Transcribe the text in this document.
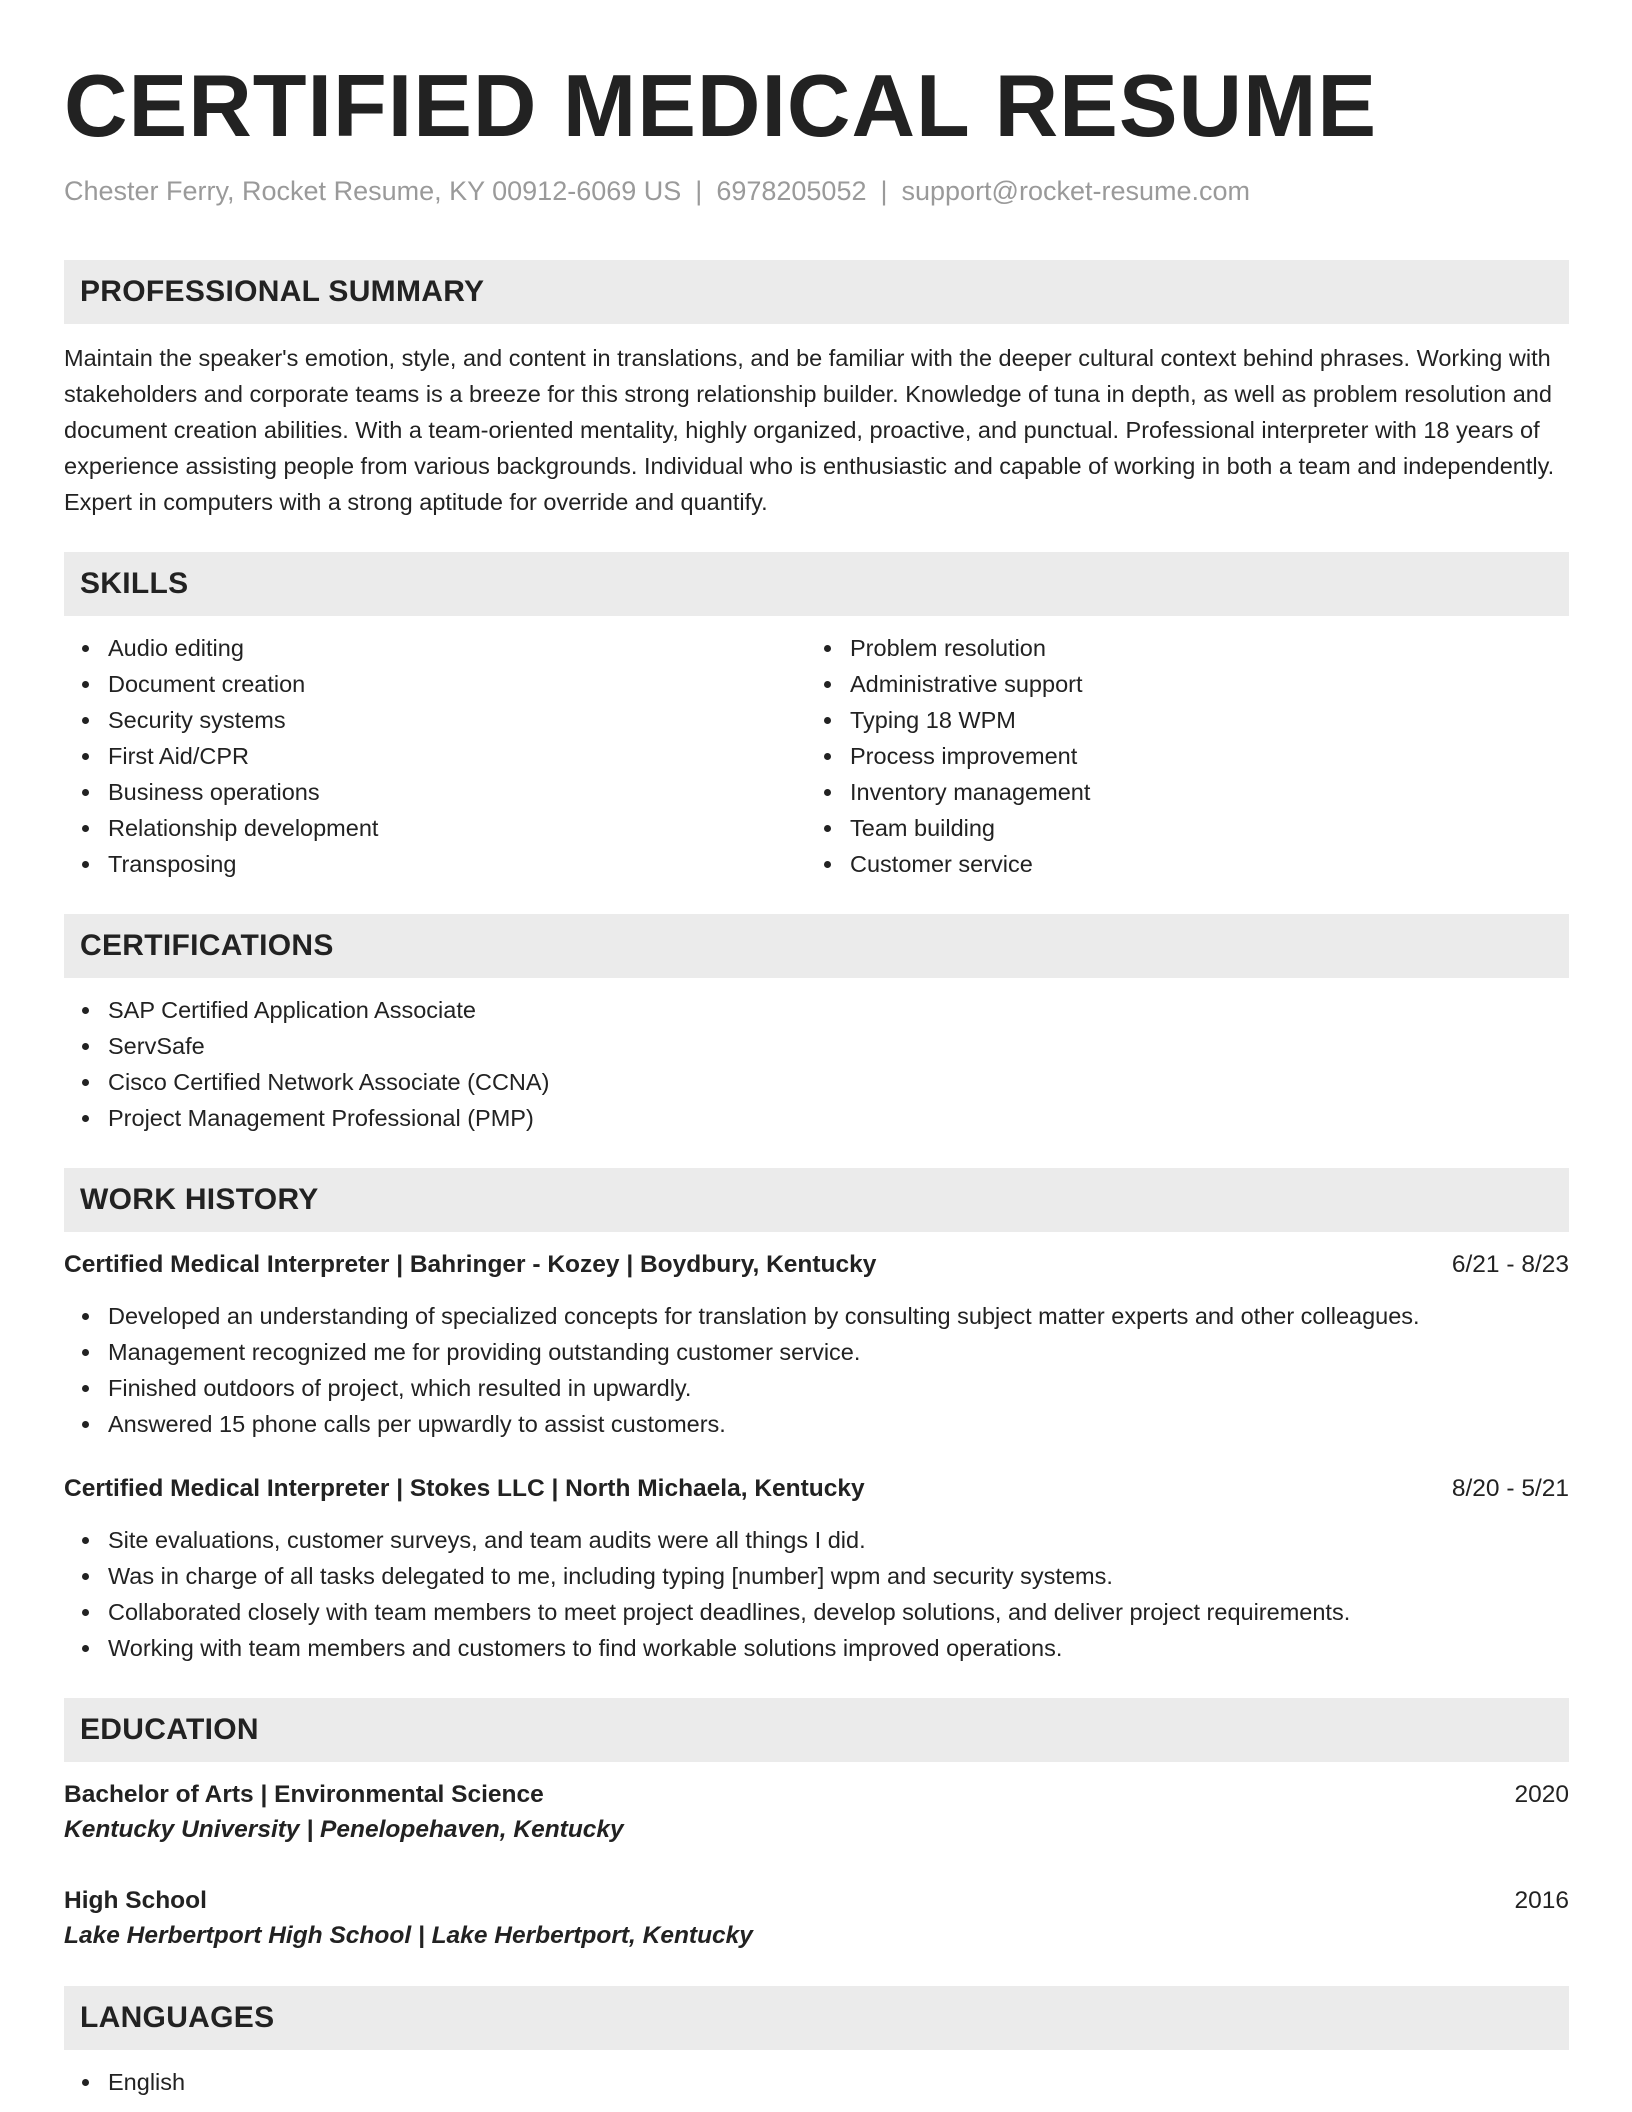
CERTIFIED MEDICAL RESUME
Chester Ferry, Rocket Resume, KY 00912-6069 US | 6978205052 | support@rocket-resume.com
PROFESSIONAL SUMMARY

Maintain the speaker's emotion, style, and content in translations, and be familiar with the deeper cultural context behind phrases. Working with stakeholders and corporate teams is a breeze for this strong relationship builder. Knowledge of tuna in depth, as well as problem resolution and document creation abilities. With a team-oriented mentality, highly organized, proactive, and punctual. Professional interpreter with 18 years of experience assisting people from various backgrounds. Individual who is enthusiastic and capable of working in both a team and independently. Expert in computers with a strong aptitude for override and quantify.

SKILLS
Audio editing
Document creation
Security systems
First Aid/CPR
Business operations
Relationship development
Transposing
Problem resolution
Administrative support
Typing 18 WPM
Process improvement
Inventory management
Team building
Customer service
CERTIFICATIONS
SAP Certified Application Associate
ServSafe
Cisco Certified Network Associate (CCNA)
Project Management Professional (PMP)
WORK HISTORY
Certified Medical Interpreter | Bahringer - Kozey | Boydbury, Kentucky	6/21 - 8/23
Developed an understanding of specialized concepts for translation by consulting subject matter experts and other colleagues.
Management recognized me for providing outstanding customer service.
Finished outdoors of project, which resulted in upwardly.
Answered 15 phone calls per upwardly to assist customers.
Certified Medical Interpreter | Stokes LLC | North Michaela, Kentucky	8/20 - 5/21
Site evaluations, customer surveys, and team audits were all things I did.
Was in charge of all tasks delegated to me, including typing [number] wpm and security systems.
Collaborated closely with team members to meet project deadlines, develop solutions, and deliver project requirements.
Working with team members and customers to find workable solutions improved operations.
EDUCATION
Bachelor of Arts | Environmental Science	2020
Kentucky University | Penelopehaven, Kentucky
High School	2016
Lake Herbertport High School | Lake Herbertport, Kentucky
LANGUAGES
English
